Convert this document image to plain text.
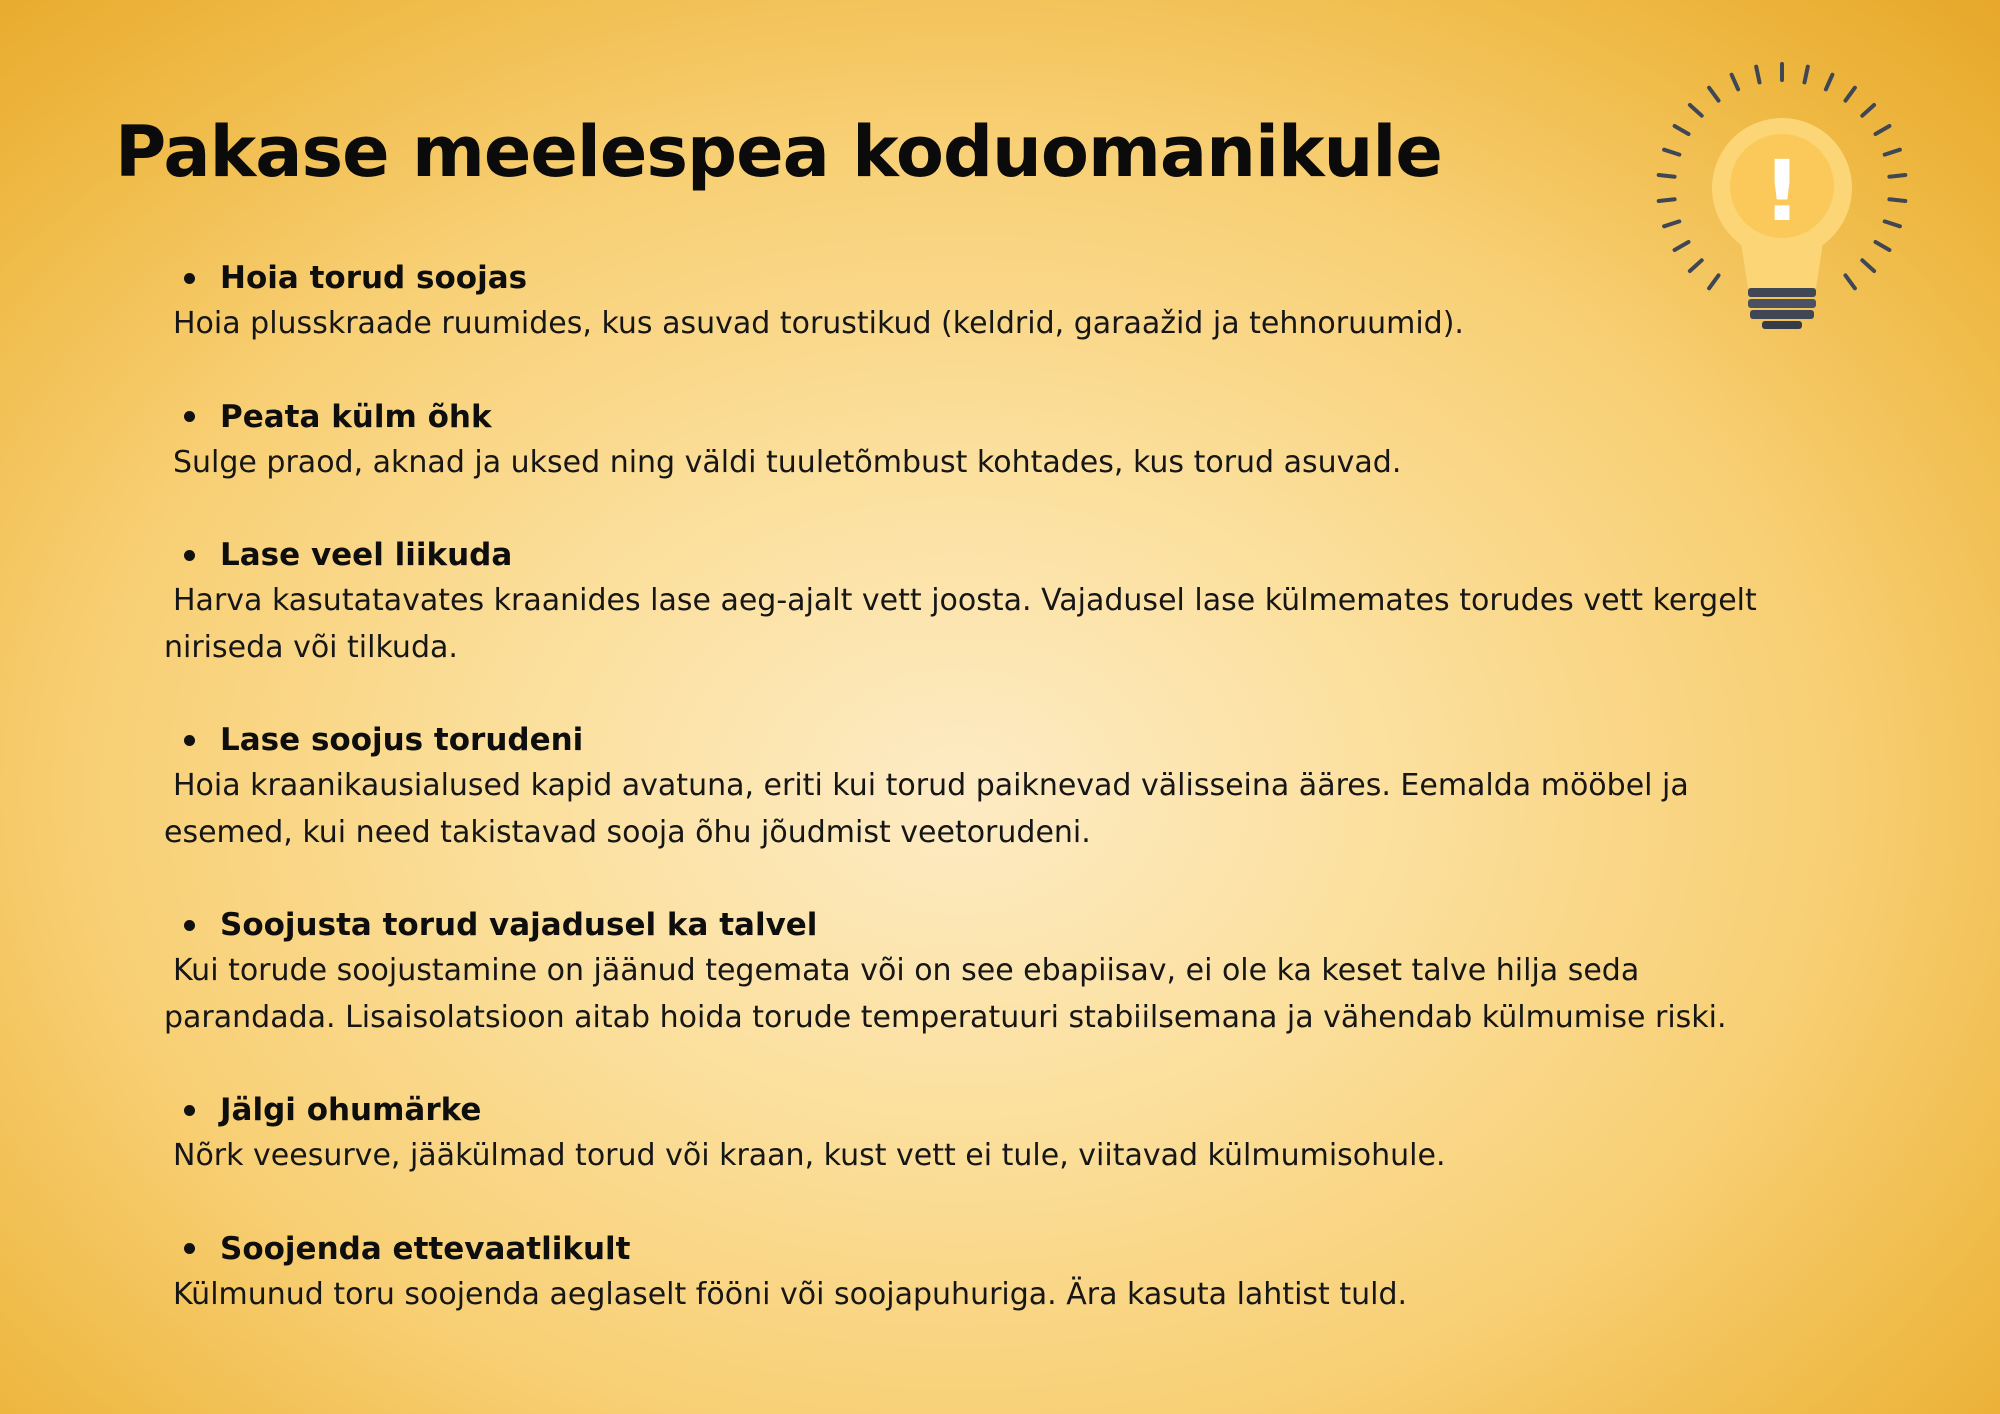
Pakase meelespea koduomanikule	!
Hoia torud soojas

Hoia plusskraade ruumides, kus asuvad torustikud (keldrid, garaažid ja tehnoruumid).

Peata külm õhk

Sulge praod, aknad ja uksed ning väldi tuuletõmbust kohtades, kus torud asuvad.

Lase veel liikuda

Harva kasutatavates kraanides lase aeg-ajalt vett joosta. Vajadusel lase külmemates torudes vett kergelt niriseda või tilkuda.

Lase soojus torudeni

Hoia kraanikausialused kapid avatuna, eriti kui torud paiknevad välisseina ääres. Eemalda mööbel ja esemed, kui need takistavad sooja õhu jõudmist veetorudeni.

Soojusta torud vajadusel ka talvel

Kui torude soojustamine on jäänud tegemata või on see ebapiisav, ei ole ka keset talve hilja seda parandada. Lisaisolatsioon aitab hoida torude temperatuuri stabiilsemana ja vähendab külmumise riski.

Jälgi ohumärke

Nõrk veesurve, jääkülmad torud või kraan, kust vett ei tule, viitavad külmumisohule.

Soojenda ettevaatlikult

Külmunud toru soojenda aeglaselt fööni või soojapuhuriga. Ära kasuta lahtist tuld.
